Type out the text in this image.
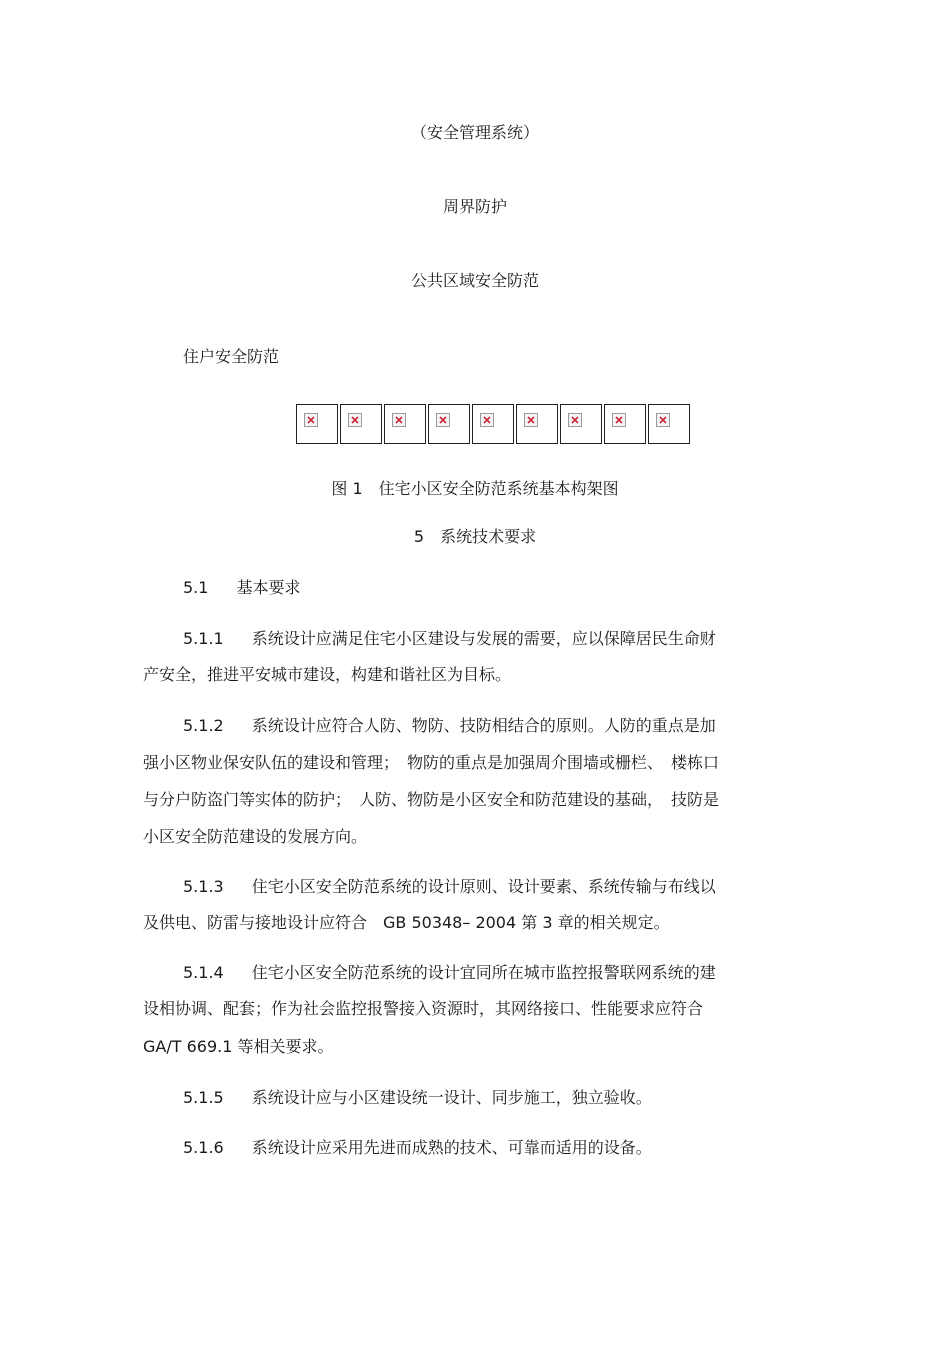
（安全管理系统）
周界防护
公共区域安全防范
住户安全防范
图 1　住宅小区安全防范系统基本构架图
5　系统技术要求
5.1 基本要求
5.1.1 系统设计应满足住宅小区建设与发展的需要，应以保障居民生命财
产安全，推进平安城市建设，构建和谐社区为目标。
5.1.2 系统设计应符合人防、物防、技防相结合的原则。人防的重点是加
强小区物业保安队伍的建设和管理；　物防的重点是加强周介围墙或栅栏、　楼栋口
与分户防盗门等实体的防护；　人防、物防是小区安全和防范建设的基础，　技防是
小区安全防范建设的发展方向。
5.1.3 住宅小区安全防范系统的设计原则、设计要素、系统传输与布线以
及供电、防雷与接地设计应符合　GB 50348– 2004 第 3 章的相关规定。
5.1.4 住宅小区安全防范系统的设计宜同所在城市监控报警联网系统的建
设相协调、配套；作为社会监控报警接入资源时，其网络接口、性能要求应符合
GA/T 669.1 等相关要求。
5.1.5 系统设计应与小区建设统一设计、同步施工，独立验收。
5.1.6 系统设计应采用先进而成熟的技术、可靠而适用的设备。
